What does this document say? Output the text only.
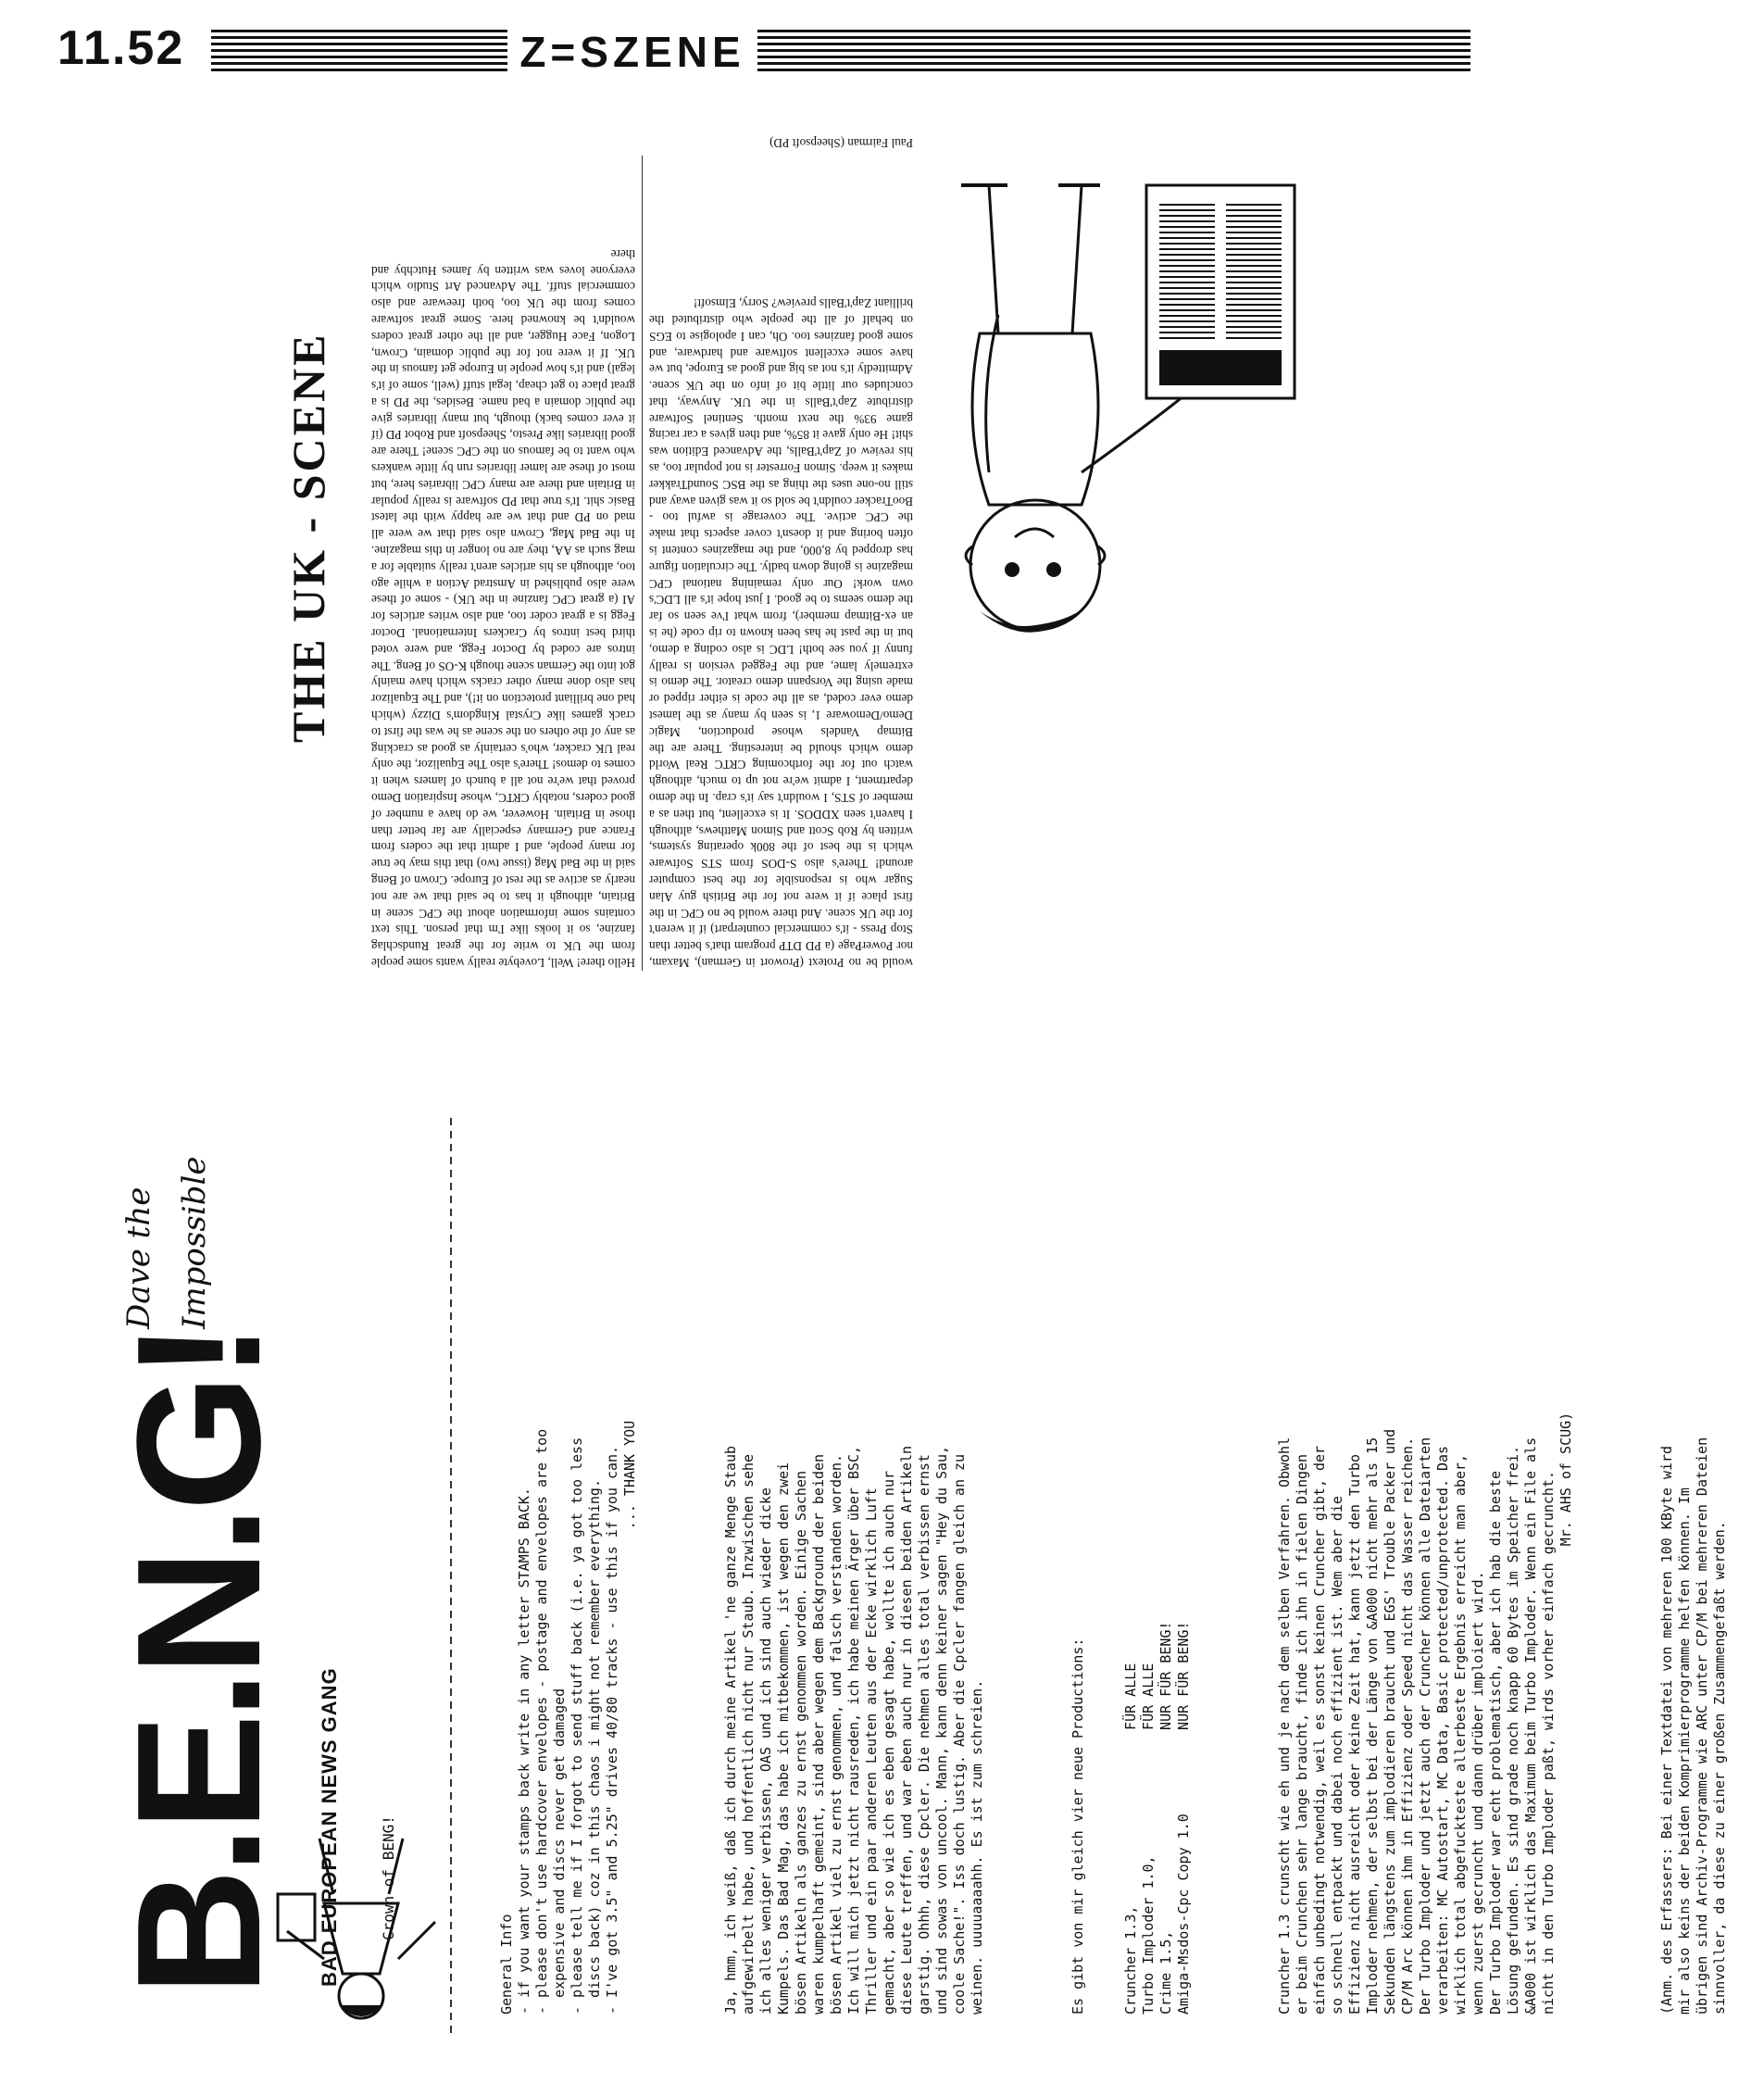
11.52	Z=SZENE
THE UK - SCENE
Hello there! Well, Lovebyte really wants some people from the UK to write for the great Rundschlag fanzine, so it looks like I'm that person. This text contains some information about the CPC scene in Britain, although it has to be said that we are not nearly as active as the rest of Europe. Crown of Beng said in the Bad Mag (issue two) that this may be true for many people, and I admit that the coders from France and Germany especially are far better than those in Britain. However, we do have a number of good coders, notably CRTC, whose Inspiration Demo proved that we're not all a bunch of lamers when it comes to demos! There's also The Equalizor, the only real UK cracker, who's certainly as good as cracking as any of the others on the scene as he was the first to crack games like Crystal Kingdom's Dizzy (which had one brilliant protection on it!), and The Equalizor has also done many other cracks which have mainly got into the German scene though K-OS of Beng. The intros are coded by Doctor Fegg, and were voted third best intros by Crackers International. Doctor Fegg is a great coder too, and also writes articles for AI (a great CPC fanzine in the UK) - some of these were also published in Amstrad Action a while ago too, although as his articles aren't really suitable for a mag such as AA, they are no longer in this magazine. In the Bad Mag, Crown also said that we were all mad on PD and that we are happy with the latest Basic shit. It's true that PD software is really popular in Britain and there are many CPC libraries here, but most of these are lamer libraries run by little wankers who want to be famous on the CPC scene! There are good libraries like Presto, Sheepsoft and Robot PD (if it ever comes back) though, but many libraries give the public domain a bad name. Besides, the PD is a great place to get cheap, legal stuff (well, some of it's legal) and it's how people in Europe get famous in the UK. If it were not for the public domain, Crown, Logon, Face Hugger, and all the other great coders wouldn't be knowned here. Some great software comes from the UK too, both freeware and also commercial stuff. The Advanced Art Studio which everyone loves was written by James Hutchby and there
would be no Protext (Prowort in German), Maxam, nor PowerPage (a PD DTP program that's better than Stop Press - it's commercial counterpart) if it weren't for the UK scene. And there would be no CPC in the first place if it were not for the British guy Alan Sugar who is responsible for the best computer around! There's also S-DOS from STS Software which is the best of the 800k operating systems, written by Rob Scott and Simon Matthews, although I haven't seen XDDOS. It is excellent, but then as a member of STS, I wouldn't say it's crap. In the demo department, I admit we're not up to much, although watch out for the forthcoming CRTC Real World demo which should be interesting. There are the Bitmap Vandels whose production, Magic Demo/Demoware 1, is seen by many as the lamest demo ever coded, as all the code is either ripped or made using the Vorspann demo creator. The demo is extremely lame, and the Fegged version is really funny if you see both! LDC is also coding a demo, but in the past he has been known to rip code (he is an ex-Bitmap member), from what I've seen so far the demo seems to be good. I just hope it's all LDC's own work! Our only remaining national CPC magazine is going down badly. The circulation figure has dropped by 8,000, and the magazines content is often boring and it doesn't cover aspects that make the CPC active. The coverage is awful too - BooTracker couldn't be sold so it was given away and still no-one uses the thing as the BSC SoundTrakker makes it weep. Simon Forrester is not popular too, as his review of Zap't'Balls, the Advanced Edition was shit! He only gave it 85%, and then gives a car racing game 93% the next month. Sentinel Software distribute Zap't'Balls in the UK. Anyway, that concludes our little bit of info on the UK scene. Admittedly it's not as big and good as Europe, but we have some excellent software and hardware, and some good fanzines too. Oh, can I apologise to EGS on behalf of all the people who distributed the brilliant Zap't'Balls preview? Sorry, Elmsoft!
Paul Fairman (Sheepsoft PD)
B.E.N.G!	BAD EUROPEAN NEWS GANG
Dave the Impossible
Crown of BENG!

General Info
- if you want your stamps back write in any letter STAMPS BACK.
- please don't use hardcover envelopes - postage and envelopes are too
expensive and discs never get damaged
- please tell me if I forgot to send stuff back (i.e. ya got too less
discs back) coz in this chaos i might not remember everything.
- I've got 3.5" and 5.25" drives 40/80 tracks - use this if you can.
... THANK YOU

Ja, hmm, ich weiß, daß ich durch meine Artikel 'ne ganze Menge Staub
aufgewirbelt habe, und hoffentlich nicht nur Staub. Inzwischen sehe
ich alles weniger verbissen, OAS und ich sind auch wieder dicke
Kumpels. Das Bad Mag, das habe ich mitbekommen, ist wegen den zwei
bösen Artikeln als ganzes zu ernst genommen worden. Einige Sachen
waren kumpelhaft gemeint, sind aber wegen dem Background der beiden
bösen Artikel viel zu ernst genommen, und falsch verstanden worden.
Ich will mich jetzt nicht rausreden, ich habe meinen Ärger über BSC,
Thriller und ein paar anderen Leuten aus der Ecke wirklich Luft
gemacht, aber so wie ich es eben gesagt habe, wollte ich auch nur
diese Leute treffen, und war eben auch nur in diesen beiden Artikeln
garstig. Ohhh, diese Cpcler. Die nehmen alles total verbissen ernst
und sind sowas von uncool. Mann, kann denn keiner sagen "Hey du Sau,
coole Sache!". Iss doch lustig. Aber die Cpcler fangen gleich an zu
weinen. uuuuaaaahh. Es ist zum schreien.

	Es gibt von mir gleich vier neue Productions:

	Cruncher 1.3,                     FÜR ALLE
Turbo Imploder 1.0,               FÜR ALLE
Crime 1.5,                        NUR FÜR BENG!
Amiga-Msdos-Cpc Copy 1.0          NUR FÜR BENG!

Cruncher 1.3 crunscht wie eh und je nach dem selben Verfahren. Obwohl
er beim Crunchen sehr lange braucht, finde ich ihn in fielen Dingen
einfach unbedingt notwendig, weil es sonst keinen Cruncher gibt, der
so schnell entpackt und dabei noch effizient ist. Wem aber die
Effizienz nicht ausreicht oder keine Zeit hat, kann jetzt den Turbo
Imploder nehmen, der selbst bei der Länge von &A000 nicht mehr als 15
Sekunden längstens zum implodieren braucht und EGS' Trouble Packer und
CP/M Arc können ihm in Effizienz oder Speed nicht das Wasser reichen.
Der Turbo Imploder und jetzt auch der Cruncher können alle Dateiarten
verarbeiten: MC Autostart, MC Data, Basic protected/unprotected. Das
wirklich total abgefuckteste allerbeste Ergebnis erreicht man aber,
wenn zuerst gecruncht und dann drüber imploiert wird.
Der Turbo Imploder war echt problematisch, aber ich hab die beste
Lösung gefunden. Es sind grade noch knapp 60 Bytes im Speicher frei.
&A000 ist wirklich das Maximum beim Turbo Imploder. Wenn ein File als
nicht in den Turbo Imploder paßt, wirds vorher einfach gecruncht.
Mr. AHS of SCUG)

(Anm. des Erfassers: Bei einer Textdatei von mehreren 100 KByte wird
mir also keins der beiden Komprimierprogramme helfen können. Im
übrigen sind Archiv-Programme wie ARC unter CP/M bei mehreren Dateien
sinnvoller, da diese zu einer großen Zusammengefaßt werden.
